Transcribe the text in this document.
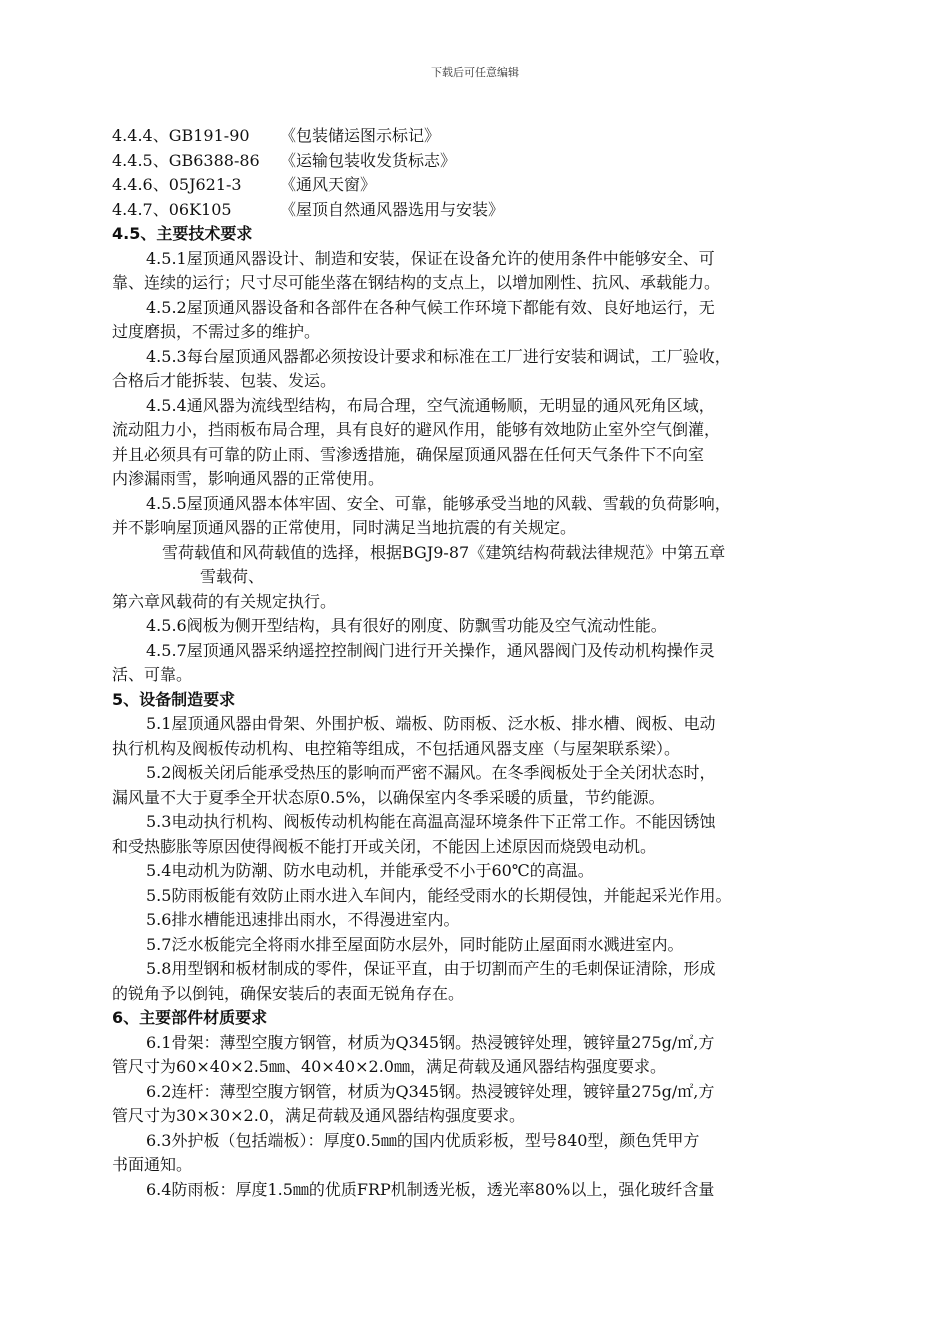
下载后可任意编辑
4.4.4、GB191-90 《包装储运图示标记》
4.4.5、GB6388-86 《运输包装收发货标志》
4.4.6、05J621-3 《通风天窗》
4.4.7、06K105	《屋顶自然通风器选用与安装》
4.5、主要技术要求
4.5.1屋顶通风器设计、制造和安装，保证在设备允许的使用条件中能够安全、可
靠、连续的运行；尺寸尽可能坐落在钢结构的支点上，以增加刚性、抗风、承载能力。
4.5.2屋顶通风器设备和各部件在各种气候工作环境下都能有效、良好地运行，无
过度磨损，不需过多的维护。
4.5.3每台屋顶通风器都必须按设计要求和标准在工厂进行安装和调试，工厂验收，
合格后才能拆装、包装、发运。
4.5.4通风器为流线型结构，布局合理，空气流通畅顺，无明显的通风死角区域，
流动阻力小，挡雨板布局合理，具有良好的避风作用，能够有效地防止室外空气倒灌，
并且必须具有可靠的防止雨、雪渗透措施，确保屋顶通风器在任何天气条件下不向室
内渗漏雨雪，影响通风器的正常使用。
4.5.5屋顶通风器本体牢固、安全、可靠，能够承受当地的风载、雪载的负荷影响，
并不影响屋顶通风器的正常使用，同时满足当地抗震的有关规定。
雪荷载值和风荷载值的选择，根据BGJ9-87《建筑结构荷载法律规范》中第五章
雪载荷、
第六章风载荷的有关规定执行。
4.5.6阀板为侧开型结构，具有很好的刚度、防飘雪功能及空气流动性能。
4.5.7屋顶通风器采纳遥控控制阀门进行开关操作，通风器阀门及传动机构操作灵
活、可靠。
5、设备制造要求
5.1屋顶通风器由骨架、外围护板、端板、防雨板、泛水板、排水槽、阀板、电动
执行机构及阀板传动机构、电控箱等组成，不包括通风器支座（与屋架联系梁）。
5.2阀板关闭后能承受热压的影响而严密不漏风。在冬季阀板处于全关闭状态时，
漏风量不大于夏季全开状态原0.5%，以确保室内冬季采暖的质量，节约能源。
5.3电动执行机构、阀板传动机构能在高温高湿环境条件下正常工作。不能因锈蚀
和受热膨胀等原因使得阀板不能打开或关闭，不能因上述原因而烧毁电动机。
5.4电动机为防潮、防水电动机，并能承受不小于60℃的高温。
5.5防雨板能有效防止雨水进入车间内，能经受雨水的长期侵蚀，并能起采光作用。
5.6排水槽能迅速排出雨水，不得漫进室内。
5.7泛水板能完全将雨水排至屋面防水层外，同时能防止屋面雨水溅进室内。
5.8用型钢和板材制成的零件，保证平直，由于切割而产生的毛刺保证清除，形成
的锐角予以倒钝，确保安装后的表面无锐角存在。
6、主要部件材质要求
6.1骨架：薄型空腹方钢管，材质为Q345钢。热浸镀锌处理，镀锌量275g/㎡,方
管尺寸为60×40×2.5㎜、40×40×2.0㎜，满足荷载及通风器结构强度要求。
6.2连杆：薄型空腹方钢管，材质为Q345钢。热浸镀锌处理，镀锌量275g/㎡,方
管尺寸为30×30×2.0，满足荷载及通风器结构强度要求。
6.3外护板（包括端板）：厚度0.5㎜的国内优质彩板，型号840型，颜色凭甲方
书面通知。
6.4防雨板：厚度1.5㎜的优质FRP机制透光板，透光率80%以上，强化玻纤含量
